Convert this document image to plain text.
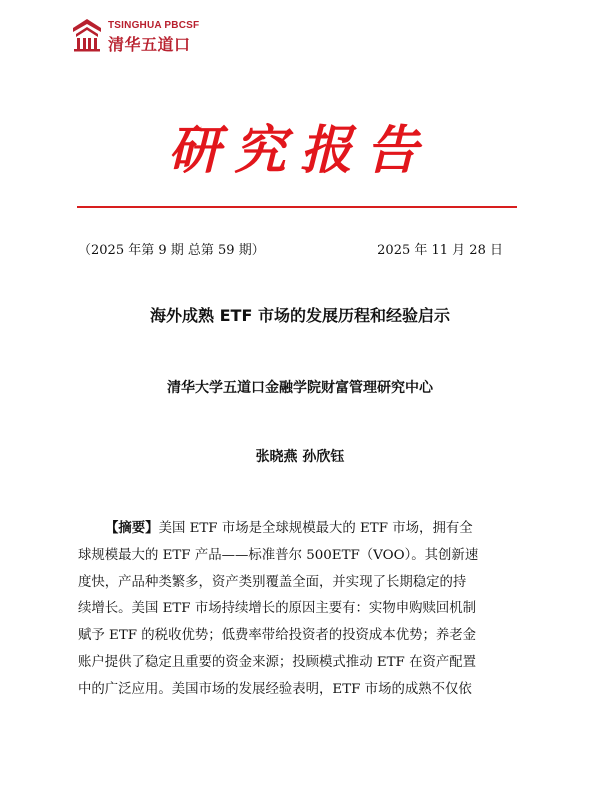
TSINGHUA PBCSF
清华五道口
研究报告
（2025 年第 9 期 总第 59 期）	2025 年 11 月 28 日
海外成熟 ETF 市场的发展历程和经验启示
清华大学五道口金融学院财富管理研究中心
张晓燕 孙欣钰
【摘要】美国 ETF 市场是全球规模最大的 ETF 市场，拥有全
球规模最大的 ETF 产品——标准普尔 500ETF（VOO）。其创新速
度快，产品种类繁多，资产类别覆盖全面，并实现了长期稳定的持
续增长。美国 ETF 市场持续增长的原因主要有：实物申购赎回机制
赋予 ETF 的税收优势；低费率带给投资者的投资成本优势；养老金
账户提供了稳定且重要的资金来源；投顾模式推动 ETF 在资产配置
中的广泛应用。美国市场的发展经验表明，ETF 市场的成熟不仅依
